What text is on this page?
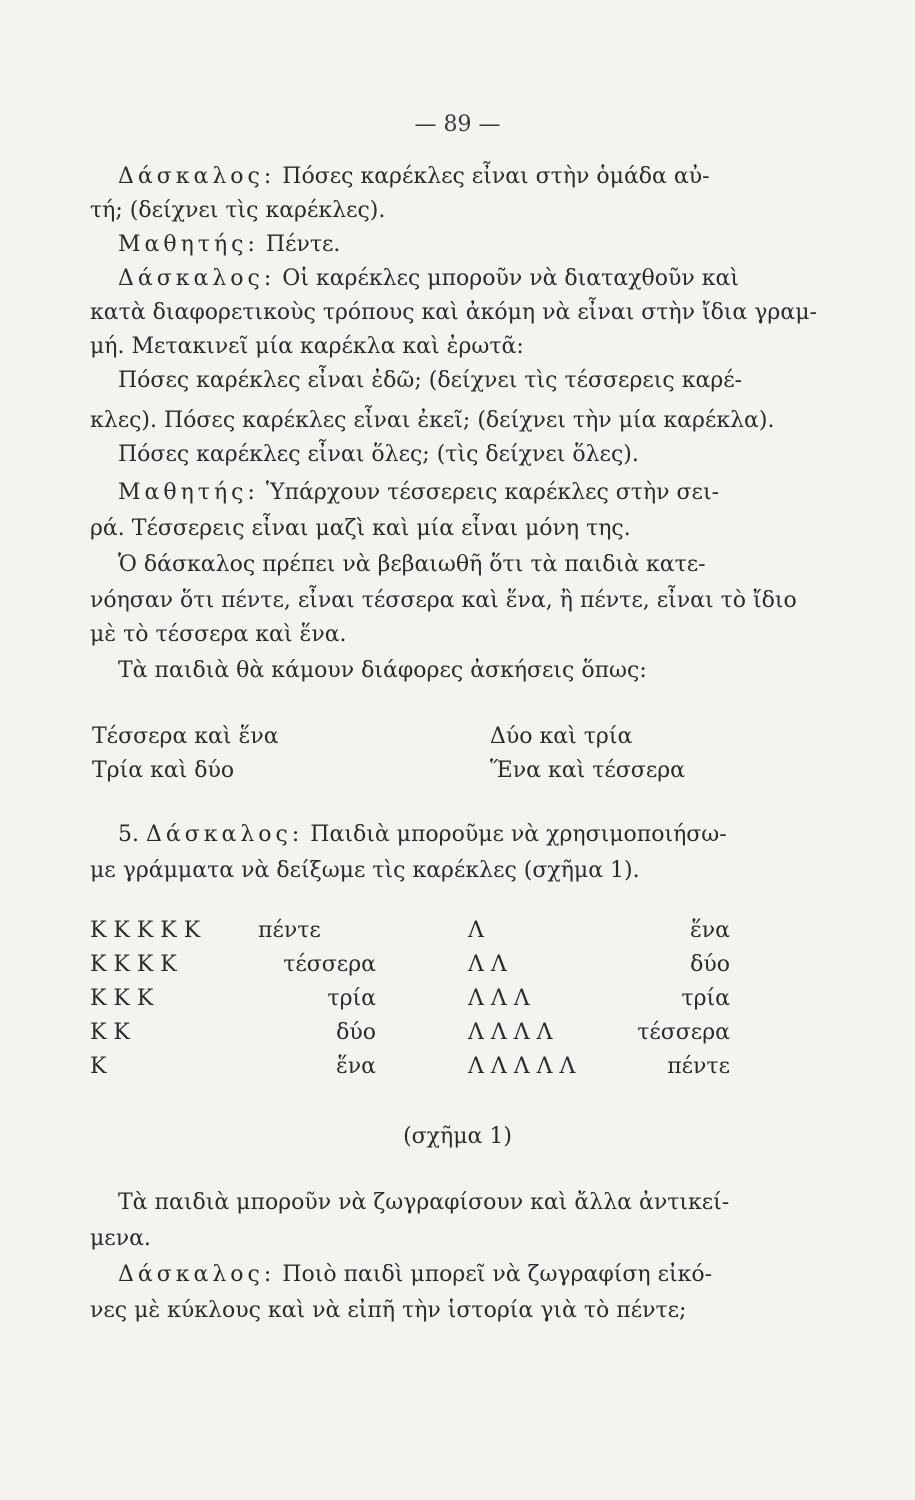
— 89 —
Δάσκαλος: Πόσες καρέκλες εἶναι στὴν ὁμάδα αὐ-
τή; (δείχνει τὶς καρέκλες).
Μαθητής: Πέντε.
Δάσκαλος: Οἱ καρέκλες μποροῦν νὰ διαταχθοῦν καὶ
κατὰ διαφορετικοὺς τρόπους καὶ ἀκόμη νὰ εἶναι στὴν ἴδια γραμ-
μή. Μετακινεῖ μία καρέκλα καὶ ἐρωτᾶ:
Πόσες καρέκλες εἶναι ἐδῶ; (δείχνει τὶς τέσσερεις καρέ-
κλες). Πόσες καρέκλες εἶναι ἐκεῖ; (δείχνει τὴν μία καρέκλα).
Πόσες καρέκλες εἶναι ὅλες; (τὶς δείχνει ὅλες).
Μαθητής: Ὑπάρχουν τέσσερεις καρέκλες στὴν σει-
ρά. Τέσσερεις εἶναι μαζὶ καὶ μία εἶναι μόνη της.
Ὁ δάσκαλος πρέπει νὰ βεβαιωθῆ ὅτι τὰ παιδιὰ κατε-
νόησαν ὅτι πέντε, εἶναι τέσσερα καὶ ἕνα, ἢ πέντε, εἶναι τὸ ἴδιο
μὲ τὸ τέσσερα καὶ ἕνα.
Τὰ παιδιὰ θὰ κάμουν διάφορες ἀσκήσεις ὅπως:
Τέσσερα καὶ ἕνα
Τρία καὶ δύο
Δύο καὶ τρία
Ἕνα καὶ τέσσερα
5. Δάσκαλος: Παιδιὰ μποροῦμε νὰ χρησιμοποιήσω-
με γράμματα νὰ δείξωμε τὶς καρέκλες (σχῆμα 1).
Κ Κ Κ Κ Κ
Κ Κ Κ Κ
Κ Κ Κ
Κ Κ
Κ
πέντε
τέσσερα
τρία
δύο
ἕνα
Λ
Λ Λ
Λ Λ Λ
Λ Λ Λ Λ
Λ Λ Λ Λ Λ
ἕνα
δύο
τρία
τέσσερα
πέντε
(σχῆμα 1)
Τὰ παιδιὰ μποροῦν νὰ ζωγραφίσουν καὶ ἄλλα ἀντικεί-
μενα.
Δάσκαλος: Ποιὸ παιδὶ μπορεῖ νὰ ζωγραφίση εἰκό-
νες μὲ κύκλους καὶ νὰ εἰπῆ τὴν ἱστορία γιὰ τὸ πέντε;
